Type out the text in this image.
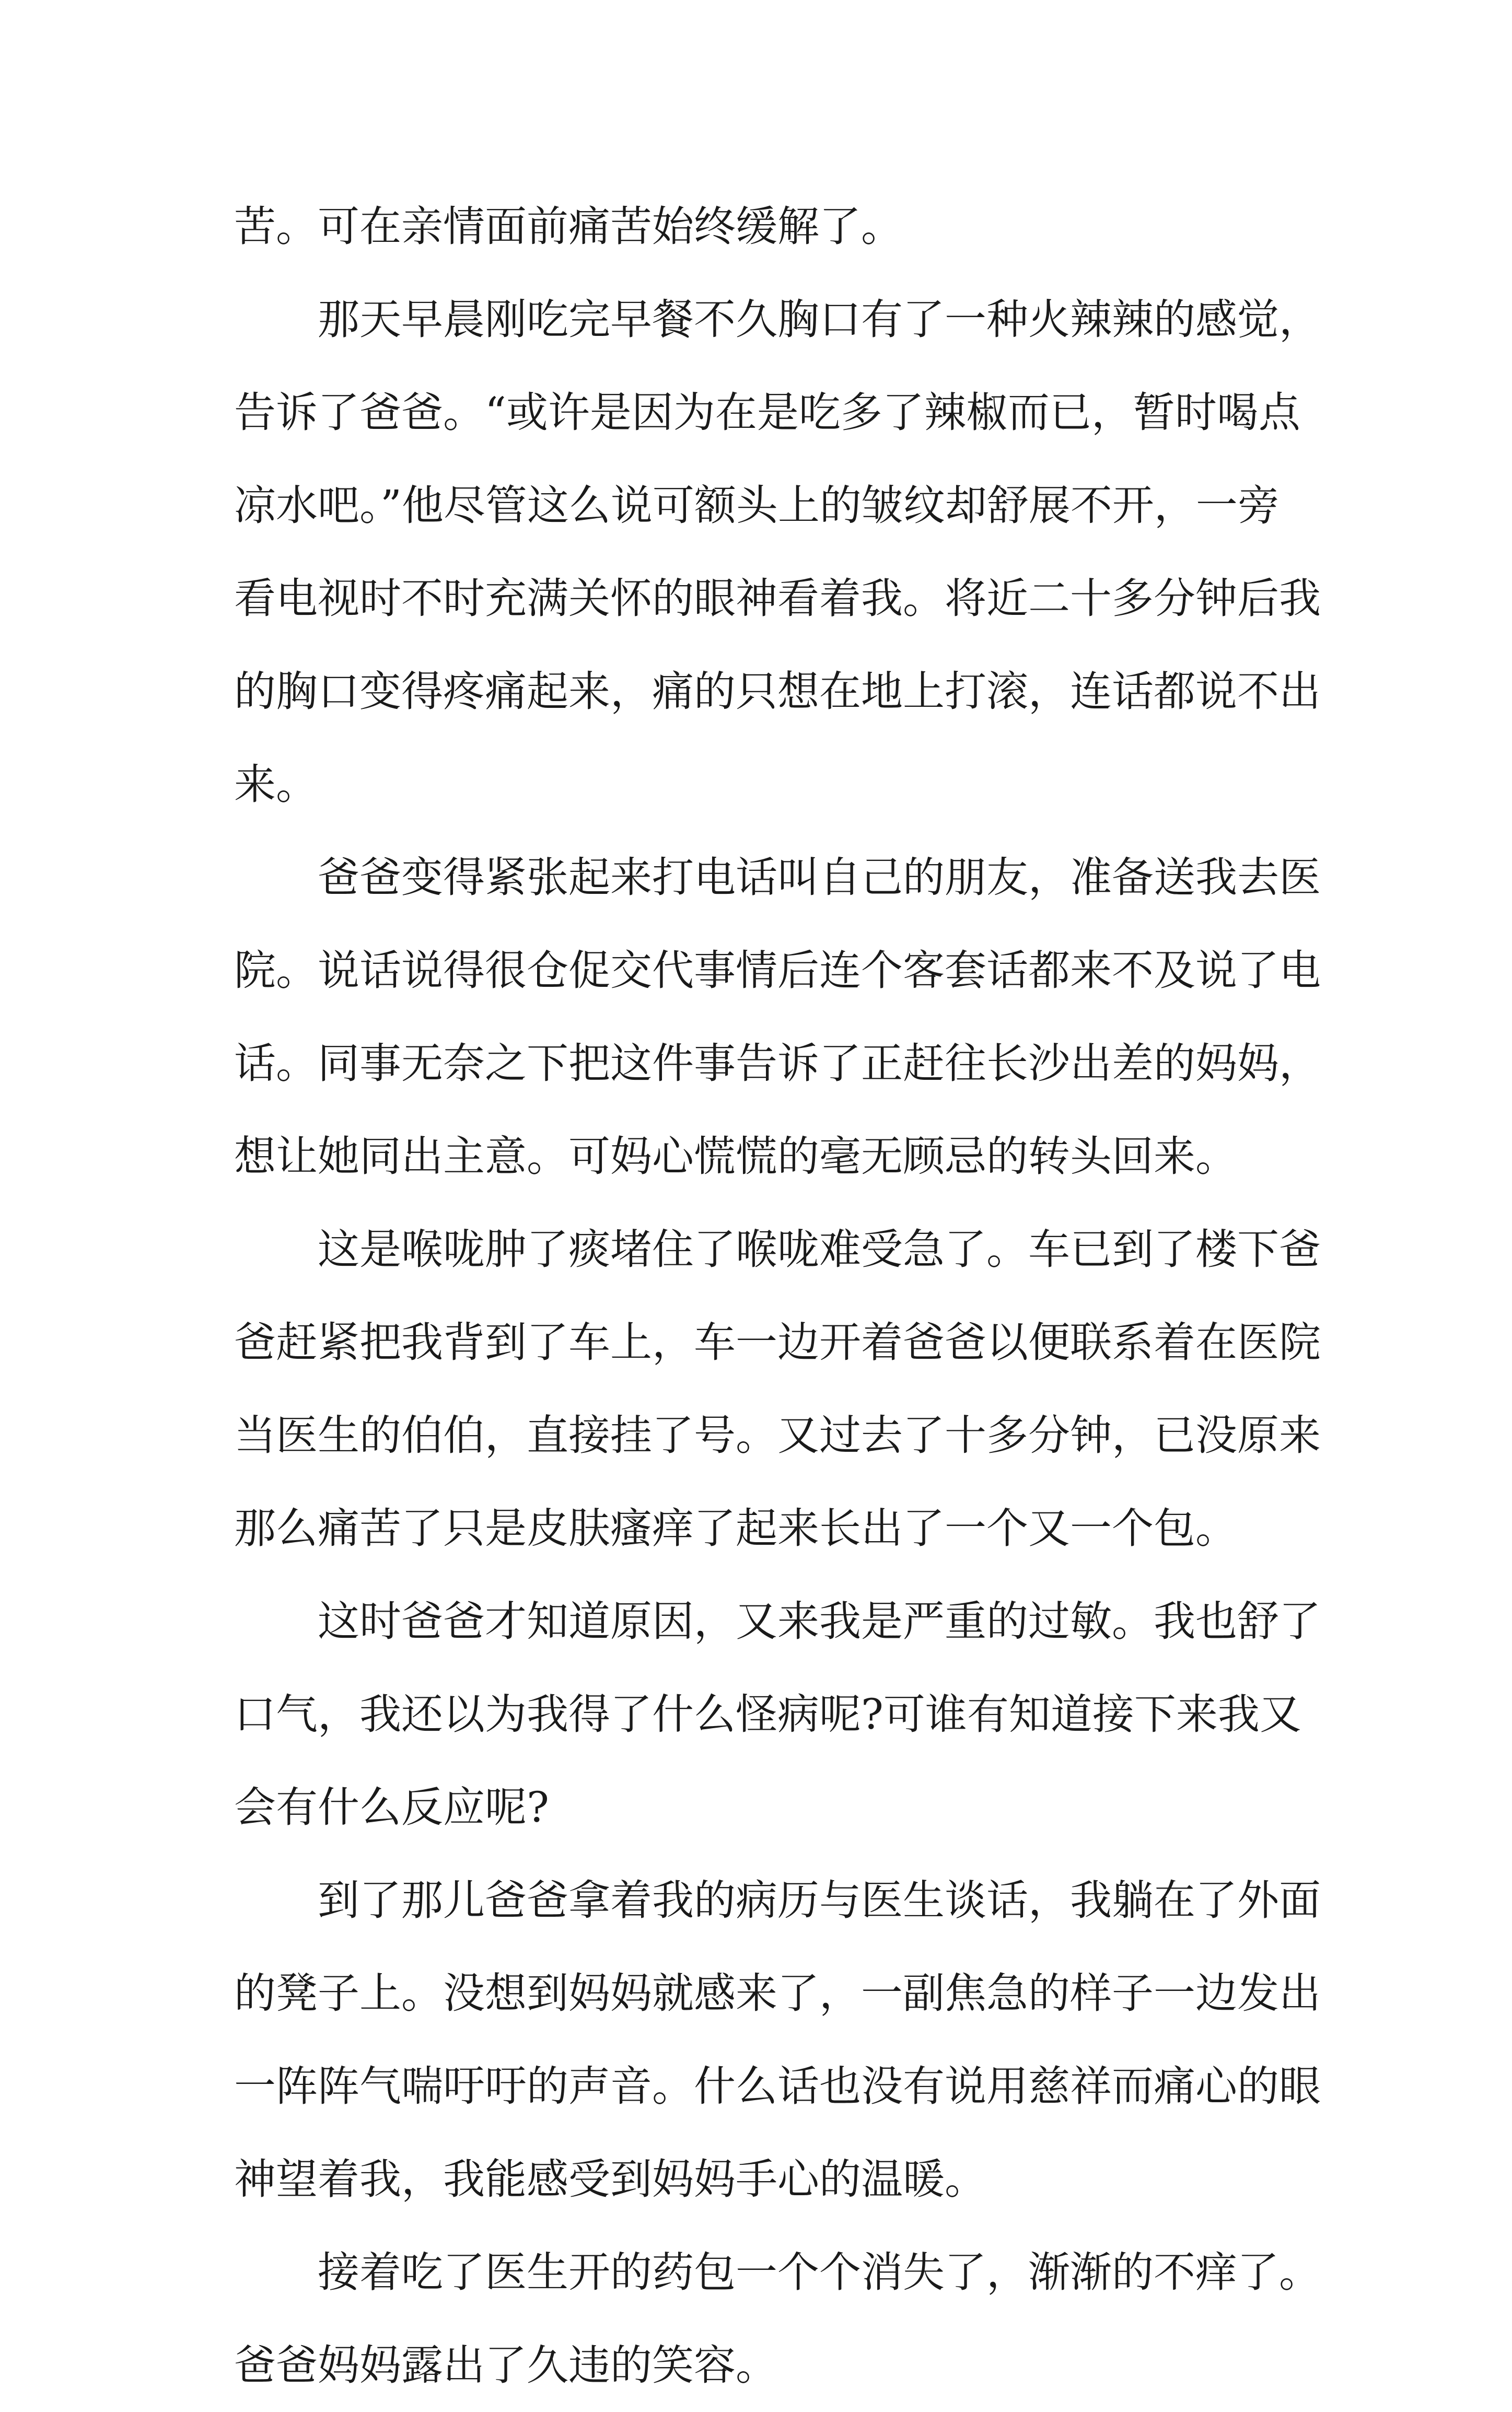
苦。可在亲情面前痛苦始终缓解了。

那天早晨刚吃完早餐不久胸口有了一种火辣辣的感觉，
告诉了爸爸。“或许是因为在是吃多了辣椒而已，暂时喝点
凉水吧。”他尽管这么说可额头上的皱纹却舒展不开，一旁
看电视时不时充满关怀的眼神看着我。将近二十多分钟后我
的胸口变得疼痛起来，痛的只想在地上打滚，连话都说不出
来。

爸爸变得紧张起来打电话叫自己的朋友，准备送我去医
院。说话说得很仓促交代事情后连个客套话都来不及说了电
话。同事无奈之下把这件事告诉了正赶往长沙出差的妈妈，
想让她同出主意。可妈心慌慌的毫无顾忌的转头回来。

这是喉咙肿了痰堵住了喉咙难受急了。车已到了楼下爸
爸赶紧把我背到了车上，车一边开着爸爸以便联系着在医院
当医生的伯伯，直接挂了号。又过去了十多分钟，已没原来
那么痛苦了只是皮肤瘙痒了起来长出了一个又一个包。

这时爸爸才知道原因，又来我是严重的过敏。我也舒了
口气，我还以为我得了什么怪病呢?可谁有知道接下来我又
会有什么反应呢?

到了那儿爸爸拿着我的病历与医生谈话，我躺在了外面
的凳子上。没想到妈妈就感来了，一副焦急的样子一边发出
一阵阵气喘吁吁的声音。什么话也没有说用慈祥而痛心的眼
神望着我，我能感受到妈妈手心的温暖。

接着吃了医生开的药包一个个消失了，渐渐的不痒了。
爸爸妈妈露出了久违的笑容。
